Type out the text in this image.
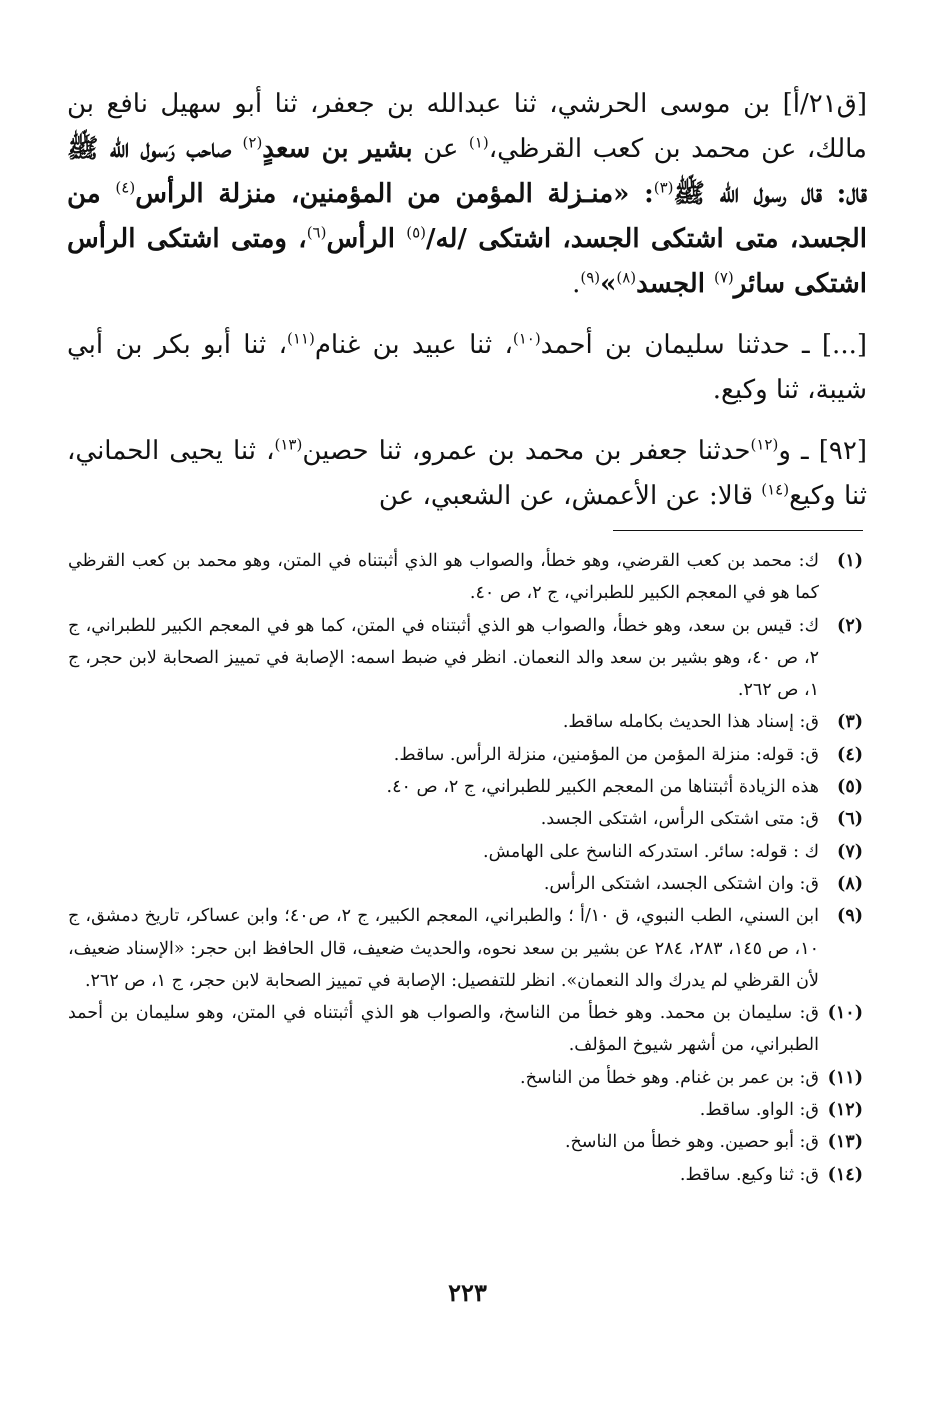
[ق٢١/أ] بن موسى الحرشي، ثنا عبدالله بن جعفر، ثنا أبو سهيل نافع بن مالك، عن محمد بن كعب القرظي،$^{(١)}$ عن بشير بن سعدٍ$^{(٢)}$ صاحب رَسول الله ﷺ قال: قال رسول الله ﷺ$^{(٣)}$: «منـزلة المؤمن من المؤمنين، منزلة الرأس$^{(٤)}$ من الجسد، متى اشتكى الجسد، اشتكى /له/$^{(٥)}$ الرأس$^{(٦)}$، ومتى اشتكى الرأس اشتكى سائر$^{(٧)}$ الجسد$^{(٨)}$»$^{(٩)}$.

[...] ـ حدثنا سليمان بن أحمد$^{(١٠)}$، ثنا عبيد بن غنام$^{(١١)}$، ثنا أبو بكر بن أبي شيبة، ثنا وكيع.

[٩٢] ـ و$^{(١٢)}$حدثنا جعفر بن محمد بن عمرو، ثنا حصين$^{(١٣)}$، ثنا يحيى الحماني، ثنا وكيع$^{(١٤)}$ قالا: عن الأعمش، عن الشعبي، عن

(١)
ك: محمد بن كعب القرضي، وهو خطأ، والصواب هو الذي أثبتناه في المتن، وهو محمد بن كعب القرظي كما هو في المعجم الكبير للطبراني، ج ٢، ص ٤٠.
(٢)
ك: قيس بن سعد، وهو خطأ، والصواب هو الذي أثبتناه في المتن، كما هو في المعجم الكبير للطبراني، ج ٢، ص ٤٠، وهو بشير بن سعد والد النعمان. انظر في ضبط اسمه: الإصابة في تمييز الصحابة لابن حجر، ج ١، ص ٢٦٢.
(٣)
ق: إسناد هذا الحديث بكامله ساقط.
(٤)
ق: قوله: منزلة المؤمن من المؤمنين، منزلة الرأس. ساقط.
(٥)
هذه الزيادة أثبتناها من المعجم الكبير للطبراني، ج ٢، ص ٤٠.
(٦)
ق: متى اشتكى الرأس، اشتكى الجسد.
(٧)
ك : قوله: سائر. استدركه الناسخ على الهامش.
(٨)
ق: وان اشتكى الجسد، اشتكى الرأس.
(٩)
ابن السني، الطب النبوي، ق ١٠/أ ؛ والطبراني، المعجم الكبير، ج ٢، ص٤٠؛ وابن عساكر، تاريخ دمشق، ج ١٠، ص ١٤٥، ٢٨٣، ٢٨٤ عن بشير بن سعد نحوه، والحديث ضعيف، قال الحافظ ابن حجر: «الإسناد ضعيف، لأن القرظي لم يدرك والد النعمان». انظر للتفصيل: الإصابة في تمييز الصحابة لابن حجر، ج ١، ص ٢٦٢.
(١٠)
ق: سليمان بن محمد. وهو خطأ من الناسخ، والصواب هو الذي أثبتناه في المتن، وهو سليمان بن أحمد الطبراني، من أشهر شيوخ المؤلف.
(١١)
ق: بن عمر بن غنام. وهو خطأ من الناسخ.
(١٢)
ق: الواو. ساقط.
(١٣)
ق: أبو حصين. وهو خطأ من الناسخ.
(١٤)
ق: ثنا وكيع. ساقط.
٢٢٣
